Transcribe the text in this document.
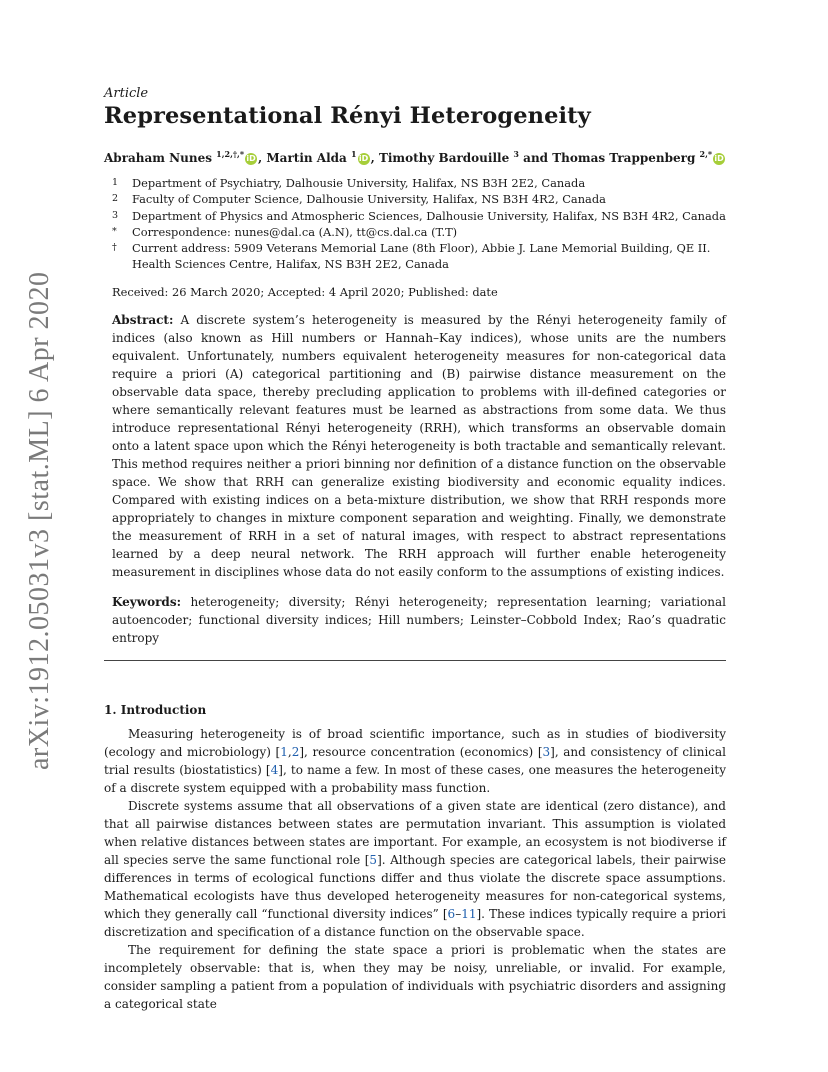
arXiv:1912.05031v3 [stat.ML] 6 Apr 2020
Article
Representational Rényi Heterogeneity
Abraham Nunes $^{1,2,\dagger,*}$ iD , Martin Alda $^1$ iD , Timothy Bardouille $^3$ and Thomas Trappenberg $^{2,*}$ iD
1	Department of Psychiatry, Dalhousie University, Halifax, NS B3H 2E2, Canada
2	Faculty of Computer Science, Dalhousie University, Halifax, NS B3H 4R2, Canada
3	Department of Physics and Atmospheric Sciences, Dalhousie University, Halifax, NS B3H 4R2, Canada
*	Correspondence: nunes@dal.ca (A.N), tt@cs.dal.ca (T.T)
†	Current address: 5909 Veterans Memorial Lane (8th Floor), Abbie J. Lane Memorial Building, QE II. Health Sciences Centre, Halifax, NS B3H 2E2, Canada
Received: 26 March 2020; Accepted: 4 April 2020; Published: date
Abstract: A discrete system’s heterogeneity is measured by the Rényi heterogeneity family of indices (also known as Hill numbers or Hannah–Kay indices), whose units are the numbers equivalent. Unfortunately, numbers equivalent heterogeneity measures for non-categorical data require a priori (A) categorical partitioning and (B) pairwise distance measurement on the observable data space, thereby precluding application to problems with ill-defined categories or where semantically relevant features must be learned as abstractions from some data. We thus introduce representational Rényi heterogeneity (RRH), which transforms an observable domain onto a latent space upon which the Rényi heterogeneity is both tractable and semantically relevant. This method requires neither a priori binning nor definition of a distance function on the observable space. We show that RRH can generalize existing biodiversity and economic equality indices. Compared with existing indices on a beta-mixture distribution, we show that RRH responds more appropriately to changes in mixture component separation and weighting. Finally, we demonstrate the measurement of RRH in a set of natural images, with respect to abstract representations learned by a deep neural network. The RRH approach will further enable heterogeneity measurement in disciplines whose data do not easily conform to the assumptions of existing indices.
Keywords: heterogeneity; diversity; Rényi heterogeneity; representation learning; variational autoencoder; functional diversity indices; Hill numbers; Leinster–Cobbold Index; Rao’s quadratic entropy
1. Introduction

Measuring heterogeneity is of broad scientific importance, such as in studies of biodiversity (ecology and microbiology) [1,2], resource concentration (economics) [3], and consistency of clinical trial results (biostatistics) [4], to name a few. In most of these cases, one measures the heterogeneity of a discrete system equipped with a probability mass function.

Discrete systems assume that all observations of a given state are identical (zero distance), and that all pairwise distances between states are permutation invariant. This assumption is violated when relative distances between states are important. For example, an ecosystem is not biodiverse if all species serve the same functional role [5]. Although species are categorical labels, their pairwise differences in terms of ecological functions differ and thus violate the discrete space assumptions. Mathematical ecologists have thus developed heterogeneity measures for non-categorical systems, which they generally call “functional diversity indices” [6–11]. These indices typically require a priori discretization and specification of a distance function on the observable space.

The requirement for defining the state space a priori is problematic when the states are incompletely observable: that is, when they may be noisy, unreliable, or invalid. For example, consider sampling a patient from a population of individuals with psychiatric disorders and assigning a categorical state
